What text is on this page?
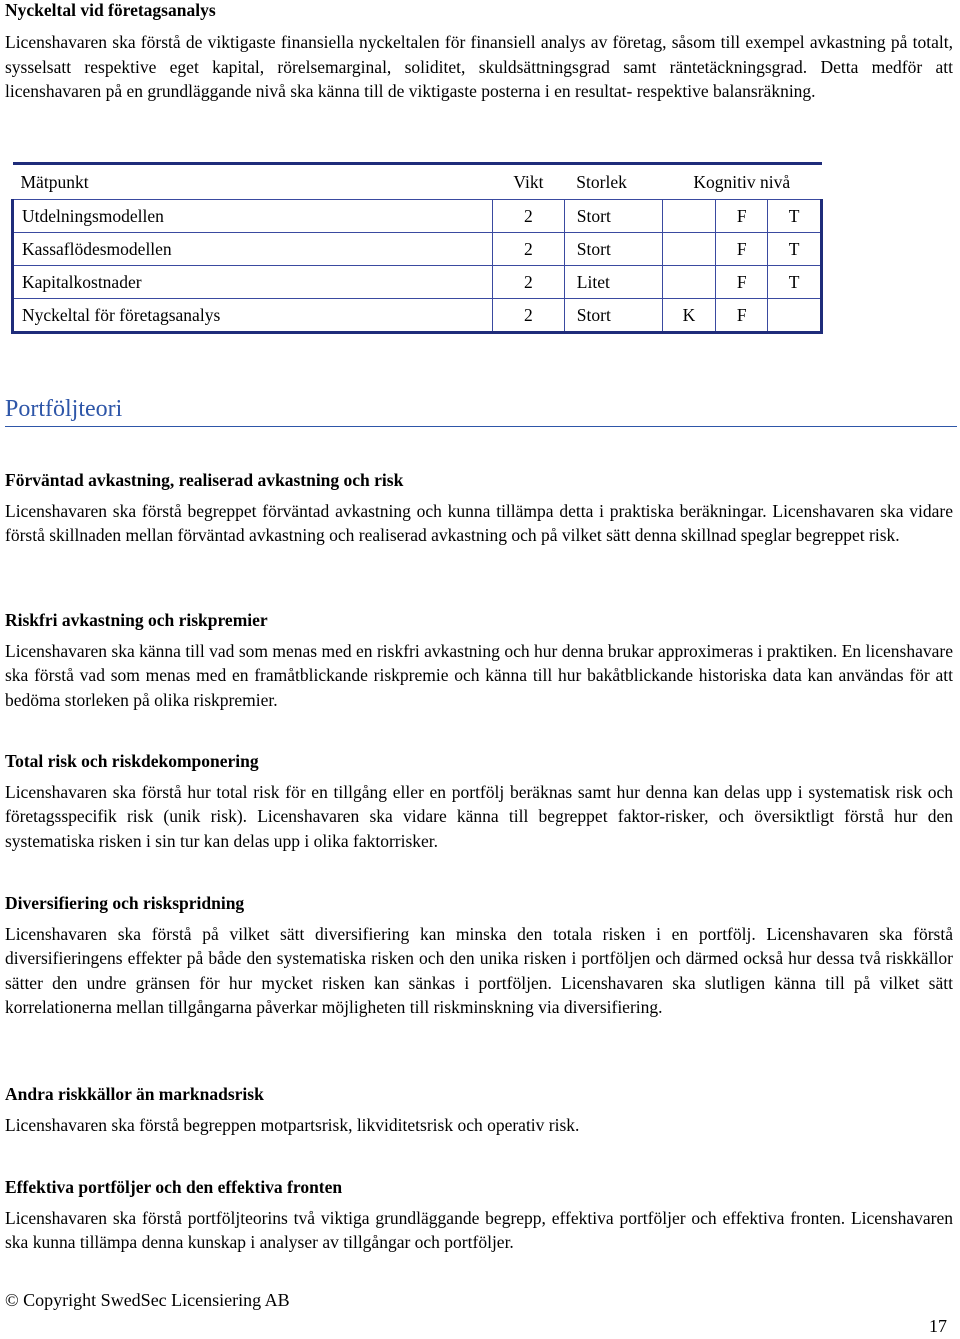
Nyckeltal vid företagsanalys

Licenshavaren ska förstå de viktigaste finansiella nyckeltalen för finansiell analys av företag, såsom till exempel avkastning på totalt, sysselsatt respektive eget kapital, rörelsemarginal, soliditet, skuldsättningsgrad samt räntetäckningsgrad. Detta medför att licenshavaren på en grundläggande nivå ska känna till de viktigaste posterna i en resultat- respektive balansräkning.

Mätpunkt	Vikt	Storlek	Kognitiv nivå		
Utdelningsmodellen	2	Stort		F	T
Kassaflödesmodellen	2	Stort		F	T
Kapitalkostnader	2	Litet		F	T
Nyckeltal för företagsanalys	2	Stort	K	F	
Portföljteori
Förväntad avkastning, realiserad avkastning och risk

Licenshavaren ska förstå begreppet förväntad avkastning och kunna tillämpa detta i praktiska beräkningar. Licenshavaren ska vidare förstå skillnaden mellan förväntad avkastning och realiserad avkastning och på vilket sätt denna skillnad speglar begreppet risk.

Riskfri avkastning och riskpremier

Licenshavaren ska känna till vad som menas med en riskfri avkastning och hur denna brukar approximeras i praktiken. En licenshavare ska förstå vad som menas med en framåtblickande riskpremie och känna till hur bakåtblickande historiska data kan användas för att bedöma storleken på olika riskpremier.

Total risk och riskdekomponering

Licenshavaren ska förstå hur total risk för en tillgång eller en portfölj beräknas samt hur denna kan delas upp i systematisk risk och företagsspecifik risk (unik risk). Licenshavaren ska vidare känna till begreppet faktor-risker, och översiktligt förstå hur den systematiska risken i sin tur kan delas upp i olika faktorrisker.

Diversifiering och riskspridning

Licenshavaren ska förstå på vilket sätt diversifiering kan minska den totala risken i en portfölj. Licenshavaren ska förstå diversifieringens effekter på både den systematiska risken och den unika risken i portföljen och därmed också hur dessa två riskkällor sätter den undre gränsen för hur mycket risken kan sänkas i portföljen. Licenshavaren ska slutligen känna till på vilket sätt korrelationerna mellan tillgångarna påverkar möjligheten till riskminskning via diversifiering.

Andra riskkällor än marknadsrisk

Licenshavaren ska förstå begreppen motpartsrisk, likviditetsrisk och operativ risk.

Effektiva portföljer och den effektiva fronten

Licenshavaren ska förstå portföljteorins två viktiga grundläggande begrepp, effektiva portföljer och effektiva fronten. Licenshavaren ska kunna tillämpa denna kunskap i analyser av tillgångar och portföljer.

© Copyright SwedSec Licensiering AB
17
